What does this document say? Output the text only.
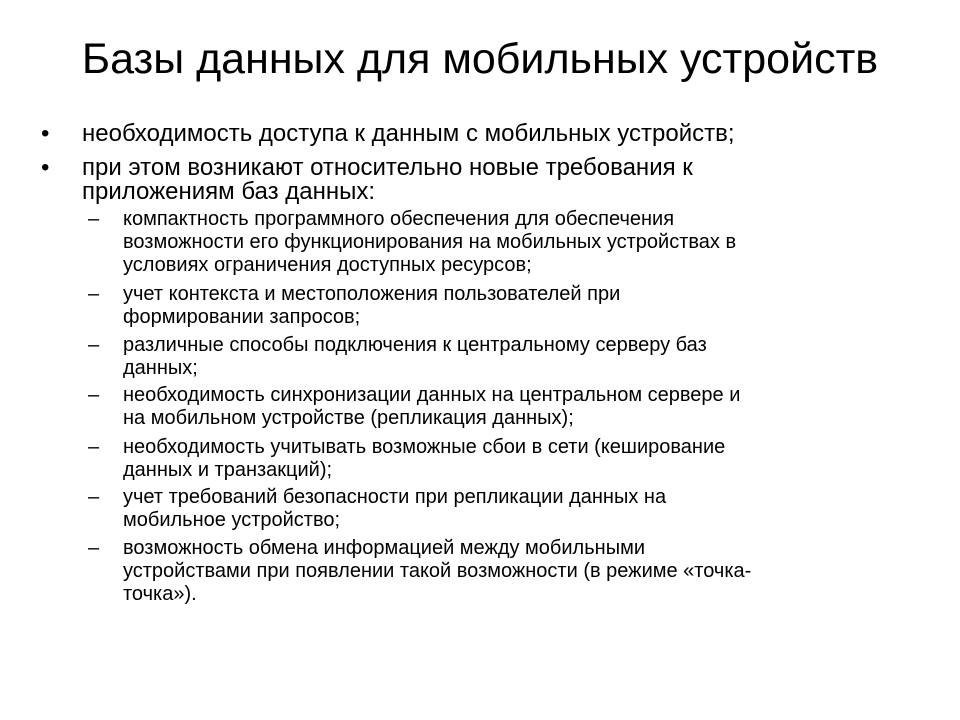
Базы данных для мобильных устройств
•	необходимость доступа к данным с мобильных устройств;
•	при этом возникают относительно новые требования к
приложениям баз данных:
–	компактность программного обеспечения для обеспечения
возможности его функционирования на мобильных устройствах в
условиях ограничения доступных ресурсов;
–	учет контекста и местоположения пользователей при
формировании запросов;
–	различные способы подключения к центральному серверу баз
данных;
–	необходимость синхронизации данных на центральном сервере и
на мобильном устройстве (репликация данных);
–	необходимость учитывать возможные сбои в сети (кеширование
данных и транзакций);
–	учет требований безопасности при репликации данных на
мобильное устройство;
–	возможность обмена информацией между мобильными
устройствами при появлении такой возможности (в режиме «точка-
точка»).
